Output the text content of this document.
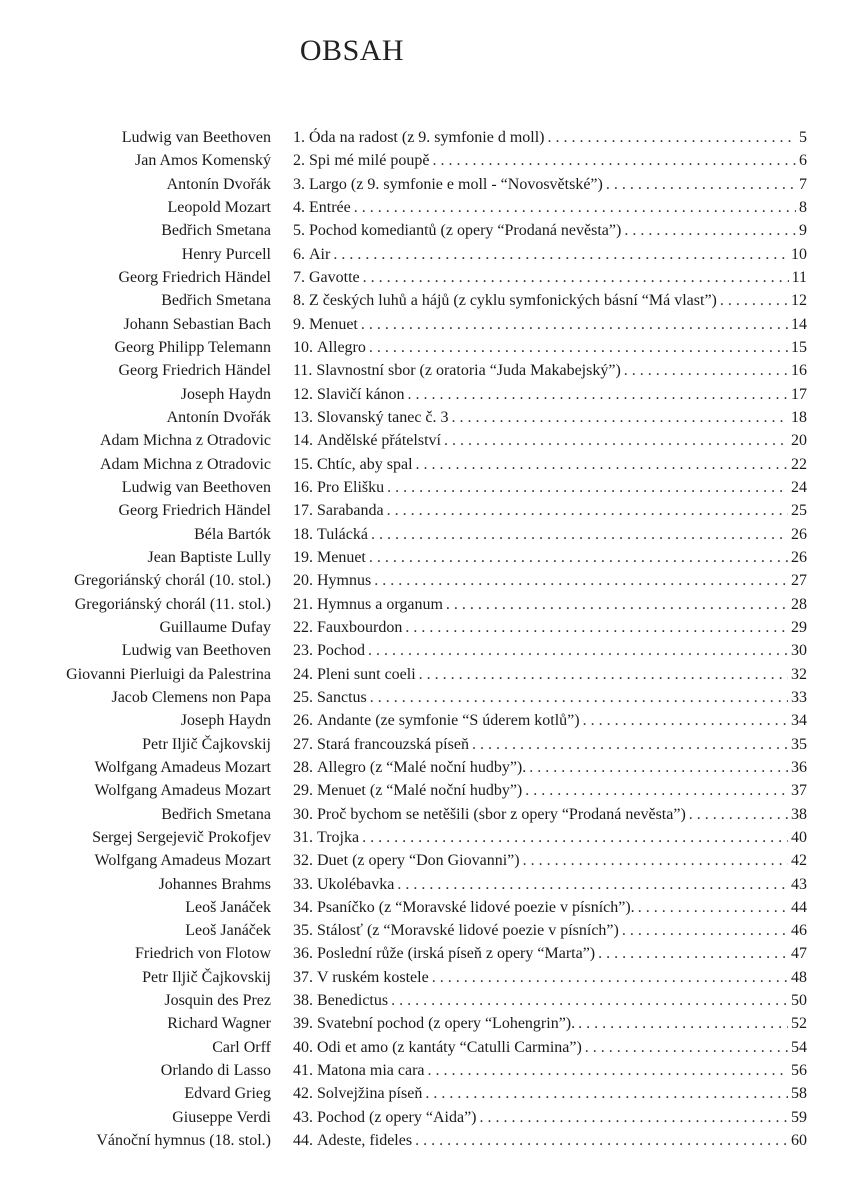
OBSAH
Ludwig van Beethoven 1. Óda na radost (z 9. symfonie d moll) . . .	5
Jan Amos Komenský 2. Spi mé milé poupě . . .	6
Antonín Dvořák 3. Largo (z 9. symfonie e moll - “Novosvětské”) . . .	7
Leopold Mozart 4. Entrée . . .	8
Bedřich Smetana 5. Pochod komediantů (z opery “Prodaná nevěsta”) . . .	9
Henry Purcell 6. Air . . .	10
Georg Friedrich Händel 7. Gavotte . . .	11
Bedřich Smetana 8. Z českých luhů a hájů (z cyklu symfonických básní “Má vlast”) . . .	12
Johann Sebastian Bach 9. Menuet . . .	14
Georg Philipp Telemann 10. Allegro . . .	15
Georg Friedrich Händel 11. Slavnostní sbor (z oratoria “Juda Makabejský”) . . .	16
Joseph Haydn 12. Slavičí kánon . . .	17
Antonín Dvořák 13. Slovanský tanec č. 3 . . .	18
Adam Michna z Otradovic 14. Andělské přátelství . . .	20
Adam Michna z Otradovic 15. Chtíc, aby spal . . .	22
Ludwig van Beethoven 16. Pro Elišku . . .	24
Georg Friedrich Händel 17. Sarabanda . . .	25
Béla Bartók 18. Tulácká . . .	26
Jean Baptiste Lully 19. Menuet . . .	26
Gregoriánský chorál (10. stol.) 20. Hymnus . . .	27
Gregoriánský chorál (11. stol.) 21. Hymnus a organum . . .	28
Guillaume Dufay 22. Fauxbourdon . . .	29
Ludwig van Beethoven 23. Pochod . . .	30
Giovanni Pierluigi da Palestrina 24. Pleni sunt coeli . . .	32
Jacob Clemens non Papa 25. Sanctus . . .	33
Joseph Haydn 26. Andante (ze symfonie “S úderem kotlů”) . . .	34
Petr Iljič Čajkovskij 27. Stará francouzská píseň . . .	35
Wolfgang Amadeus Mozart 28. Allegro (z “Malé noční hudby”). . . .	36
Wolfgang Amadeus Mozart 29. Menuet (z “Malé noční hudby”) . . .	37
Bedřich Smetana 30. Proč bychom se netěšili (sbor z opery “Prodaná nevěsta”) . . .	38
Sergej Sergejevič Prokofjev 31. Trojka . . .	40
Wolfgang Amadeus Mozart 32. Duet (z opery “Don Giovanni”) . . .	42
Johannes Brahms 33. Ukolébavka . . .	43
Leoš Janáček 34. Psaníčko (z “Moravské lidové poezie v písních”). . . .	44
Leoš Janáček 35. Stálosť (z “Moravské lidové poezie v písních”) . . .	46
Friedrich von Flotow 36. Poslední růže (irská píseň z opery “Marta”) . . .	47
Petr Iljič Čajkovskij 37. V ruském kostele . . .	48
Josquin des Prez 38. Benedictus . . .	50
Richard Wagner 39. Svatební pochod (z opery “Lohengrin”). . . .	52
Carl Orff 40. Odi et amo (z kantáty “Catulli Carmina”) . . .	54
Orlando di Lasso 41. Matona mia cara . . .	56
Edvard Grieg 42. Solvejžina píseň . . .	58
Giuseppe Verdi 43. Pochod (z opery “Aida”) . . .	59
Vánoční hymnus (18. stol.) 44. Adeste, fideles . . .	60
